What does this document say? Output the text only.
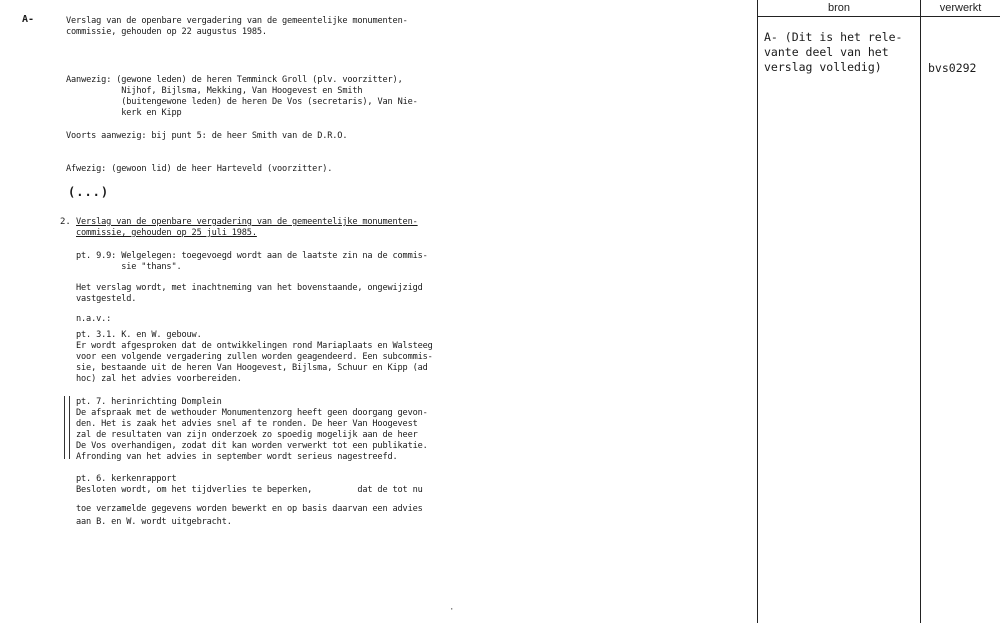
A-	Verslag van de openbare vergadering van de gemeentelijke monumenten-
commissie, gehouden op 22 augustus 1985.
Aanwezig: (gewone leden) de heren Temminck Groll (plv. voorzitter),
Nijhof, Bijlsma, Mekking, Van Hoogevest en Smith
(buitengewone leden) de heren De Vos (secretaris), Van Nie-
kerk en Kipp
Voorts aanwezig: bij punt 5: de heer Smith van de D.R.O.
Afwezig: (gewoon lid) de heer Harteveld (voorzitter).
(...)
2. Verslag van de openbare vergadering van de gemeentelijke monumenten-
commissie, gehouden op 25 juli 1985.
pt. 9.9: Welgelegen: toegevoegd wordt aan de laatste zin na de commis-
sie "thans".
Het verslag wordt, met inachtneming van het bovenstaande, ongewijzigd
vastgesteld.
n.a.v.:
pt. 3.1. K. en W. gebouw.
Er wordt afgesproken dat de ontwikkelingen rond Mariaplaats en Walsteeg
voor een volgende vergadering zullen worden geagendeerd. Een subcommis-
sie, bestaande uit de heren Van Hoogevest, Bijlsma, Schuur en Kipp (ad
hoc) zal het advies voorbereiden.
pt. 7. herinrichting Domplein
De afspraak met de wethouder Monumentenzorg heeft geen doorgang gevon-
den. Het is zaak het advies snel af te ronden. De heer Van Hoogevest
zal de resultaten van zijn onderzoek zo spoedig mogelijk aan de heer
De Vos overhandigen, zodat dit kan worden verwerkt tot een publikatie.
Afronding van het advies in september wordt serieus nagestreefd.
pt. 6. kerkenrapport
Besloten wordt, om het tijdverlies te beperken,         dat de tot nu
toe verzamelde gegevens worden bewerkt en op basis daarvan een advies
aan B. en W. wordt uitgebracht.
·
bron	verwerkt
A- (Dit is het rele-
vante deel van het
verslag volledig)	bvs0292
